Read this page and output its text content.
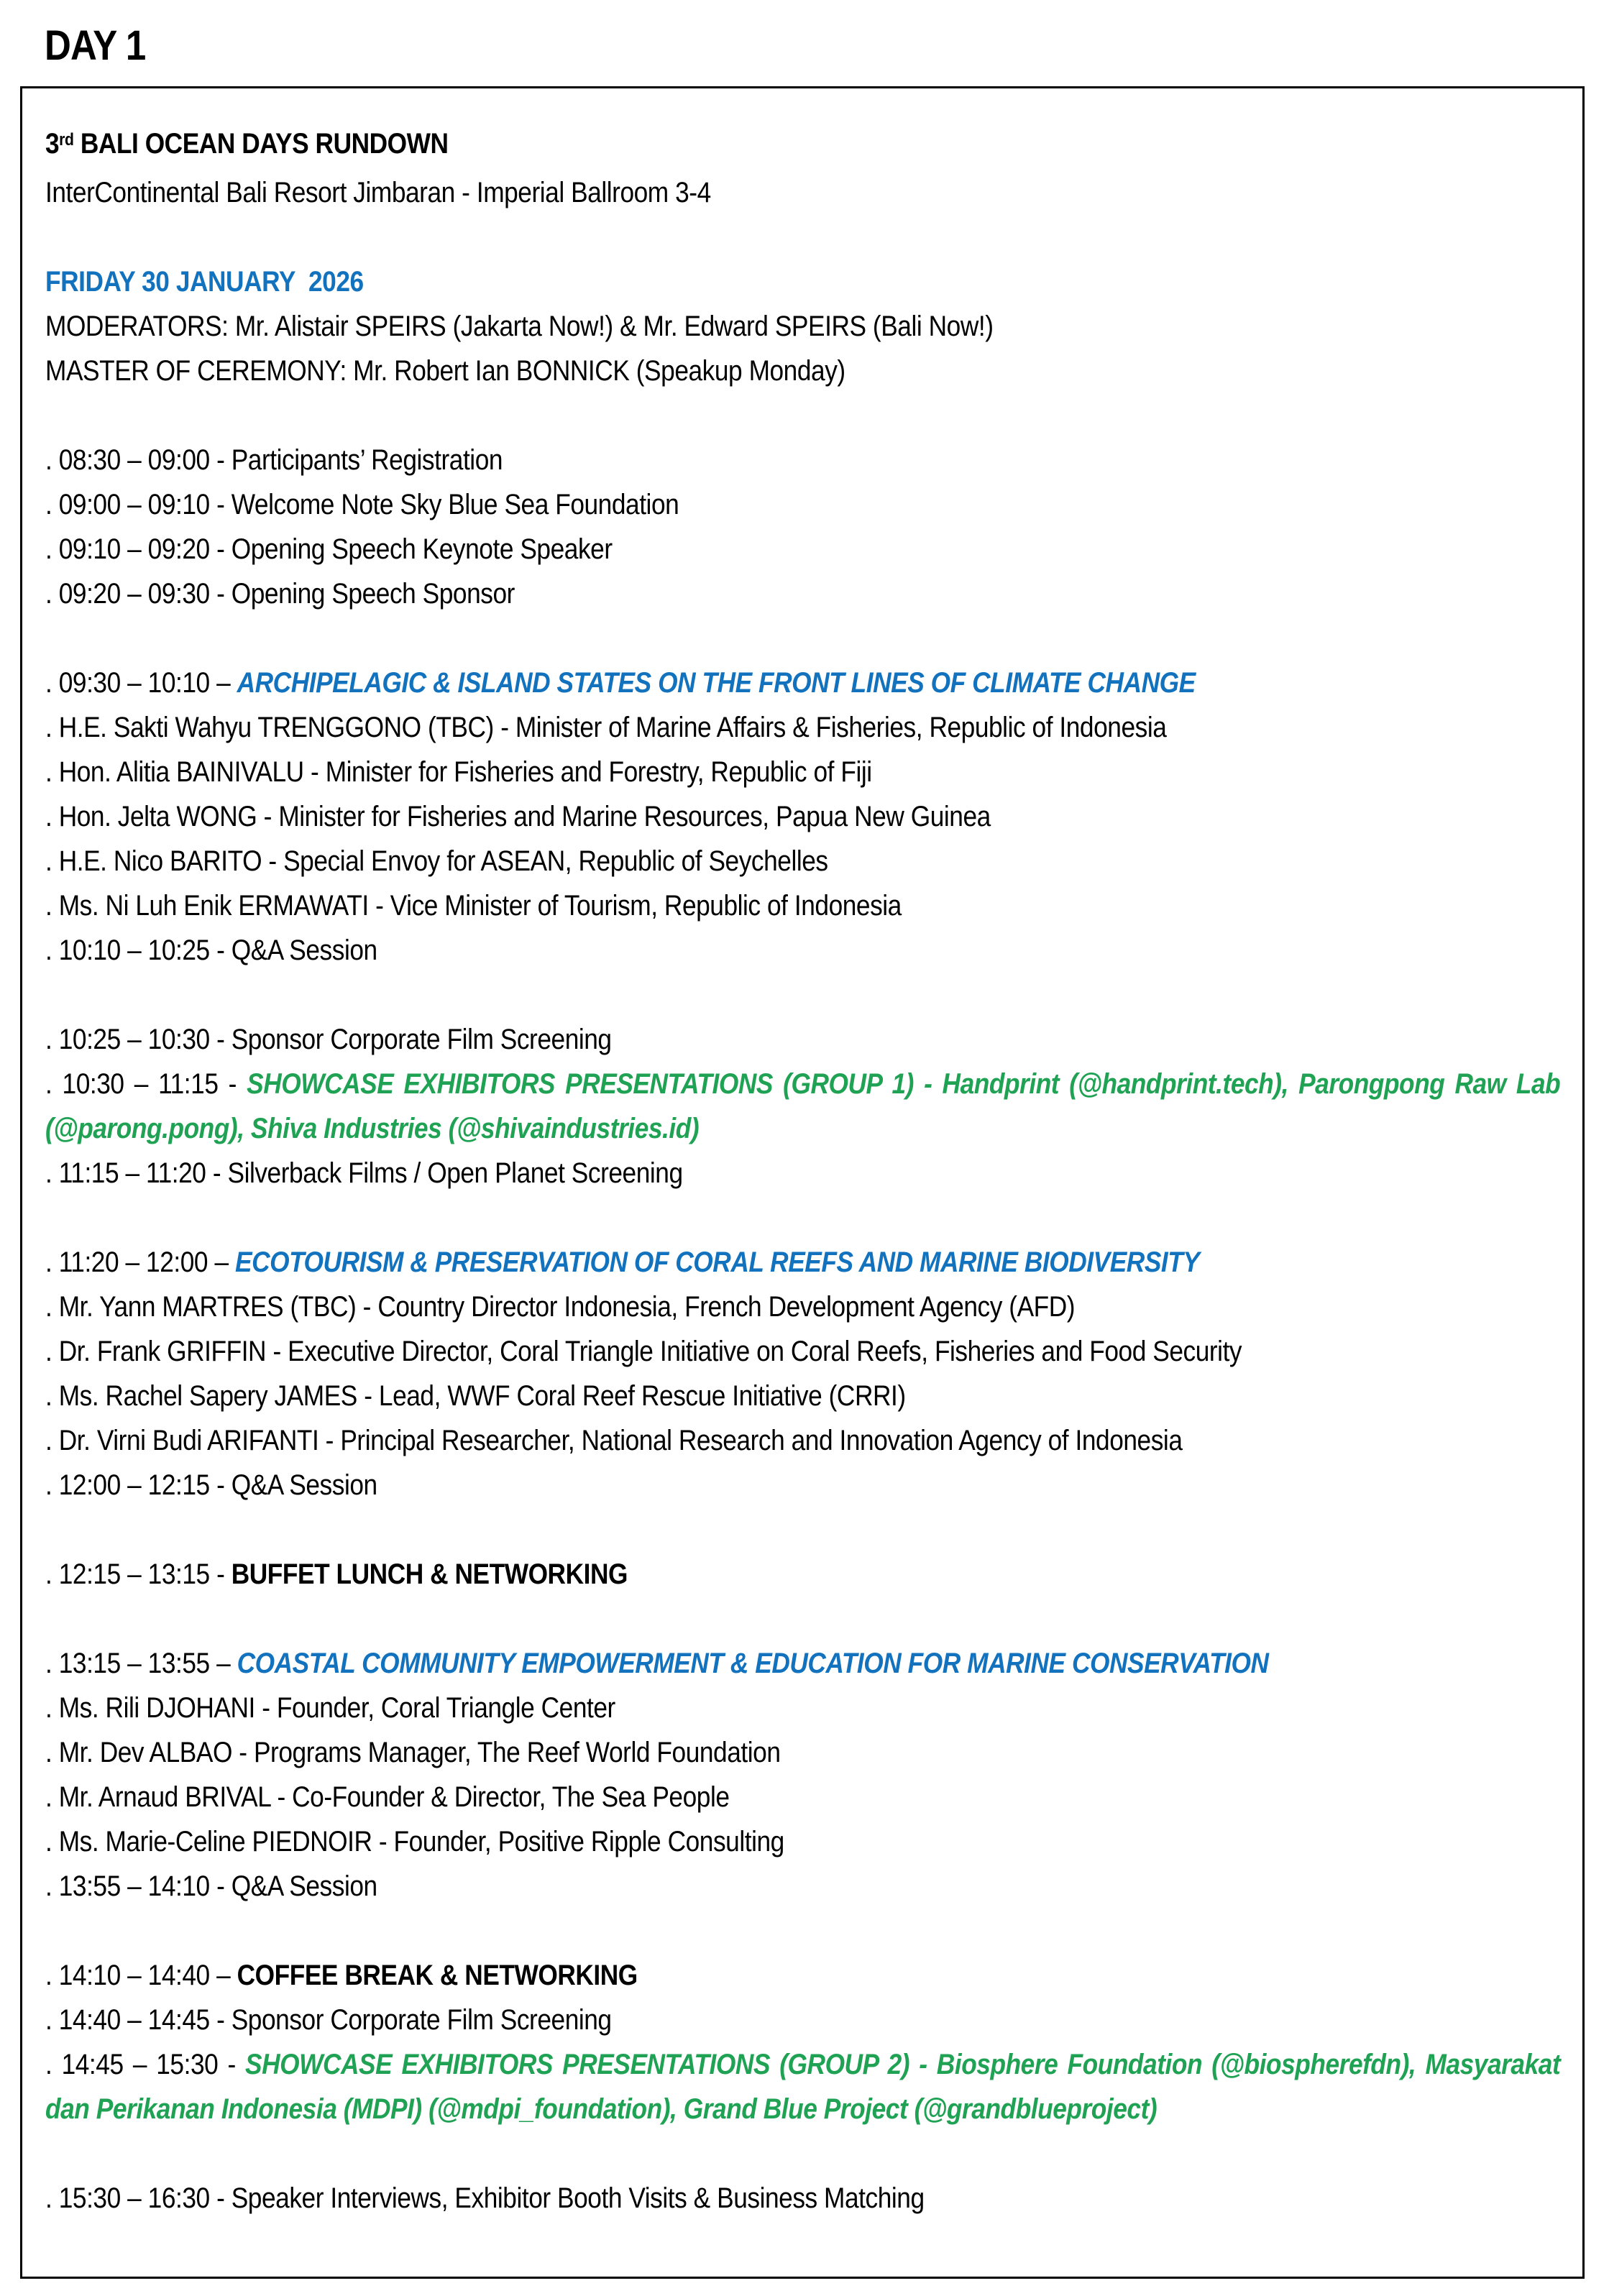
DAY 1

3rd BALI OCEAN DAYS RUNDOWN

InterContinental Bali Resort Jimbaran - Imperial Ballroom 3-4

FRIDAY 30 JANUARY  2026

MODERATORS: Mr. Alistair SPEIRS (Jakarta Now!) & Mr. Edward SPEIRS (Bali Now!)

MASTER OF CEREMONY: Mr. Robert Ian BONNICK (Speakup Monday)

. 08:30 – 09:00 - Participants’ Registration

. 09:00 – 09:10 - Welcome Note Sky Blue Sea Foundation

. 09:10 – 09:20 - Opening Speech Keynote Speaker

. 09:20 – 09:30 - Opening Speech Sponsor

. 09:30 – 10:10 – ARCHIPELAGIC & ISLAND STATES ON THE FRONT LINES OF CLIMATE CHANGE

. H.E. Sakti Wahyu TRENGGONO (TBC) - Minister of Marine Affairs & Fisheries, Republic of Indonesia

. Hon. Alitia BAINIVALU - Minister for Fisheries and Forestry, Republic of Fiji

. Hon. Jelta WONG - Minister for Fisheries and Marine Resources, Papua New Guinea

. H.E. Nico BARITO - Special Envoy for ASEAN, Republic of Seychelles

. Ms. Ni Luh Enik ERMAWATI - Vice Minister of Tourism, Republic of Indonesia

. 10:10 – 10:25 - Q&A Session

. 10:25 – 10:30 - Sponsor Corporate Film Screening

. 10:30 – 11:15 - SHOWCASE EXHIBITORS PRESENTATIONS (GROUP 1) - Handprint (@handprint.tech), Parongpong Raw Lab (@parong.pong), Shiva Industries (@shivaindustries.id)

. 11:15 – 11:20 - Silverback Films / Open Planet Screening

. 11:20 – 12:00 – ECOTOURISM & PRESERVATION OF CORAL REEFS AND MARINE BIODIVERSITY

. Mr. Yann MARTRES (TBC) - Country Director Indonesia, French Development Agency (AFD)

. Dr. Frank GRIFFIN - Executive Director, Coral Triangle Initiative on Coral Reefs, Fisheries and Food Security

. Ms. Rachel Sapery JAMES - Lead, WWF Coral Reef Rescue Initiative (CRRI)

. Dr. Virni Budi ARIFANTI - Principal Researcher, National Research and Innovation Agency of Indonesia

. 12:00 – 12:15 - Q&A Session

. 12:15 – 13:15 - BUFFET LUNCH & NETWORKING

. 13:15 – 13:55 – COASTAL COMMUNITY EMPOWERMENT & EDUCATION FOR MARINE CONSERVATION

. Ms. Rili DJOHANI - Founder, Coral Triangle Center

. Mr. Dev ALBAO - Programs Manager, The Reef World Foundation

. Mr. Arnaud BRIVAL - Co-Founder & Director, The Sea People

. Ms. Marie-Celine PIEDNOIR - Founder, Positive Ripple Consulting

. 13:55 – 14:10 - Q&A Session

. 14:10 – 14:40 – COFFEE BREAK & NETWORKING

. 14:40 – 14:45 - Sponsor Corporate Film Screening

. 14:45 – 15:30 - SHOWCASE EXHIBITORS PRESENTATIONS (GROUP 2) - Biosphere Foundation (@biospherefdn), Masyarakat dan Perikanan Indonesia (MDPI) (@mdpi_foundation), Grand Blue Project (@grandblueproject)

. 15:30 – 16:30 - Speaker Interviews, Exhibitor Booth Visits & Business Matching
